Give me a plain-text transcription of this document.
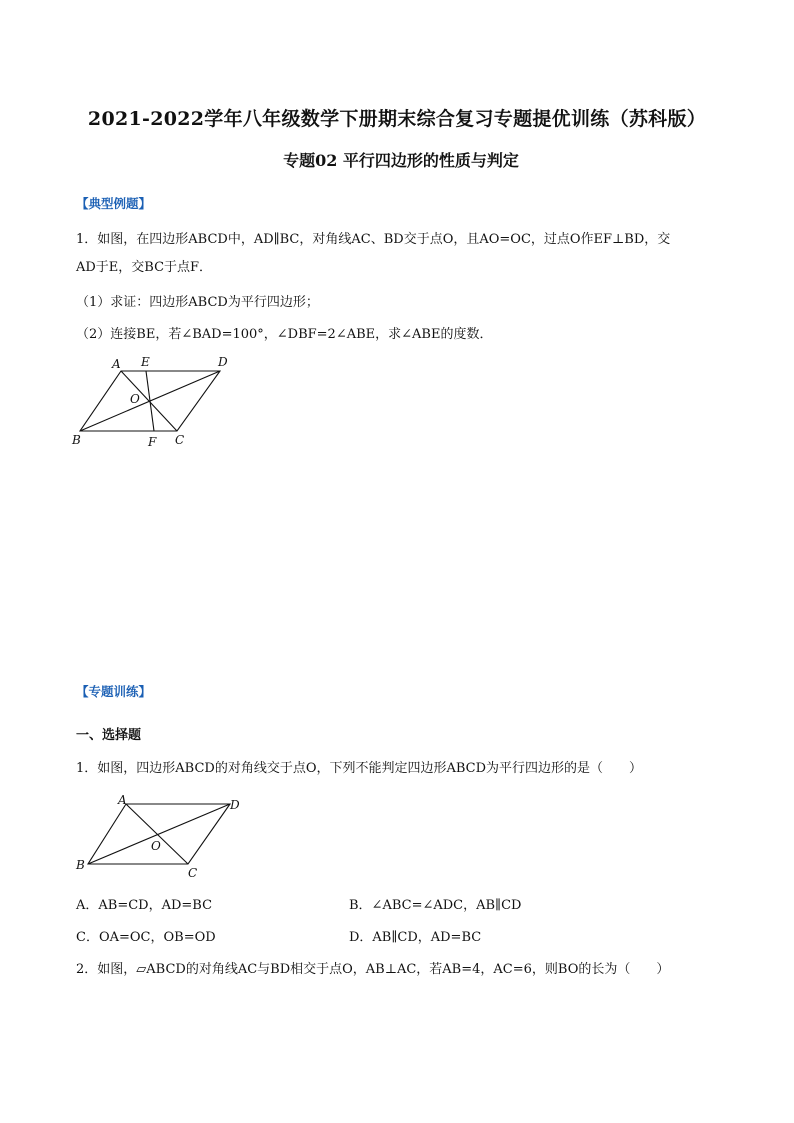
2021-2022学年八年级数学下册期末综合复习专题提优训练（苏科版）
专题02 平行四边形的性质与判定
【典型例题】
1．如图，在四边形ABCD中，AD∥BC，对角线AC、BD交于点O，且AO=OC，过点O作EF⊥BD，交
AD于E，交BC于点F．
（1）求证：四边形ABCD为平行四边形；
（2）连接BE，若∠BAD=100°，∠DBF=2∠ABE，求∠ABE的度数．
A E	D
O
B	F C
【专题训练】
一、选择题
1．如图，四边形ABCD的对角线交于点O，下列不能判定四边形ABCD为平行四边形的是（　　）
A	D
O
B
C
A．AB=CD，AD=BC	B．∠ABC=∠ADC，AB∥CD
C．OA=OC，OB=OD	D．AB∥CD，AD=BC
2．如图，▱ABCD的对角线AC与BD相交于点O，AB⊥AC，若AB=4，AC=6，则BO的长为（　　）
